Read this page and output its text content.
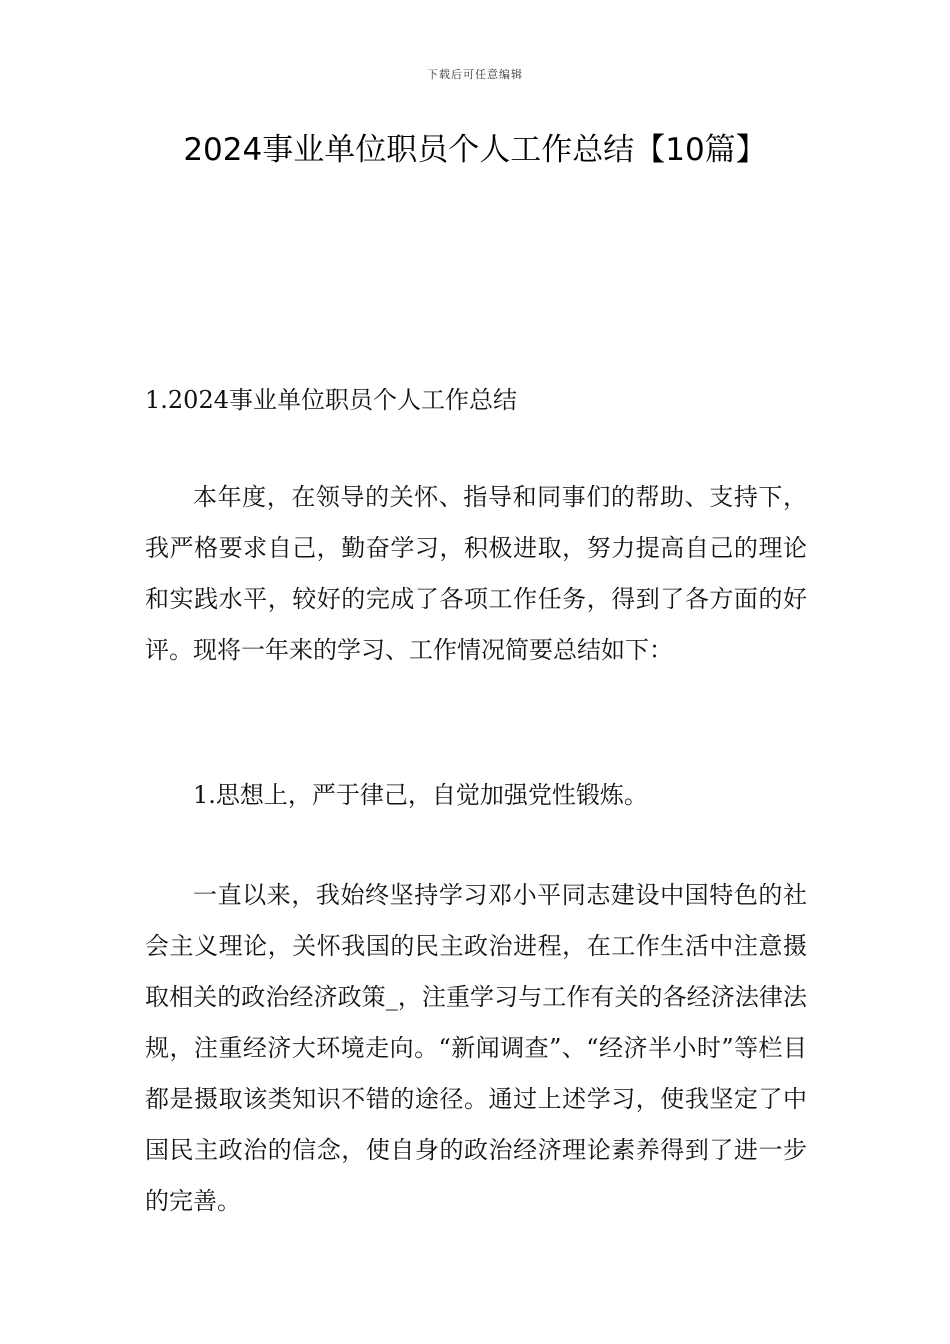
下载后可任意编辑
2024事业单位职员个人工作总结【10篇】
1.2024事业单位职员个人工作总结

本年度，在领导的关怀、指导和同事们的帮助、支持下，我严格要求自己，勤奋学习，积极进取，努力提高自己的理论和实践水平，较好的完成了各项工作任务，得到了各方面的好评。现将一年来的学习、工作情况简要总结如下：

1.思想上，严于律己，自觉加强党性锻炼。

一直以来，我始终坚持学习邓小平同志建设中国特色的社会主义理论，关怀我国的民主政治进程，在工作生活中注意摄取相关的政治经济政策_，注重学习与工作有关的各经济法律法规，注重经济大环境走向。“新闻调查”、“经济半小时”等栏目都是摄取该类知识不错的途径。通过上述学习，使我坚定了中国民主政治的信念，使自身的政治经济理论素养得到了进一步的完善。
